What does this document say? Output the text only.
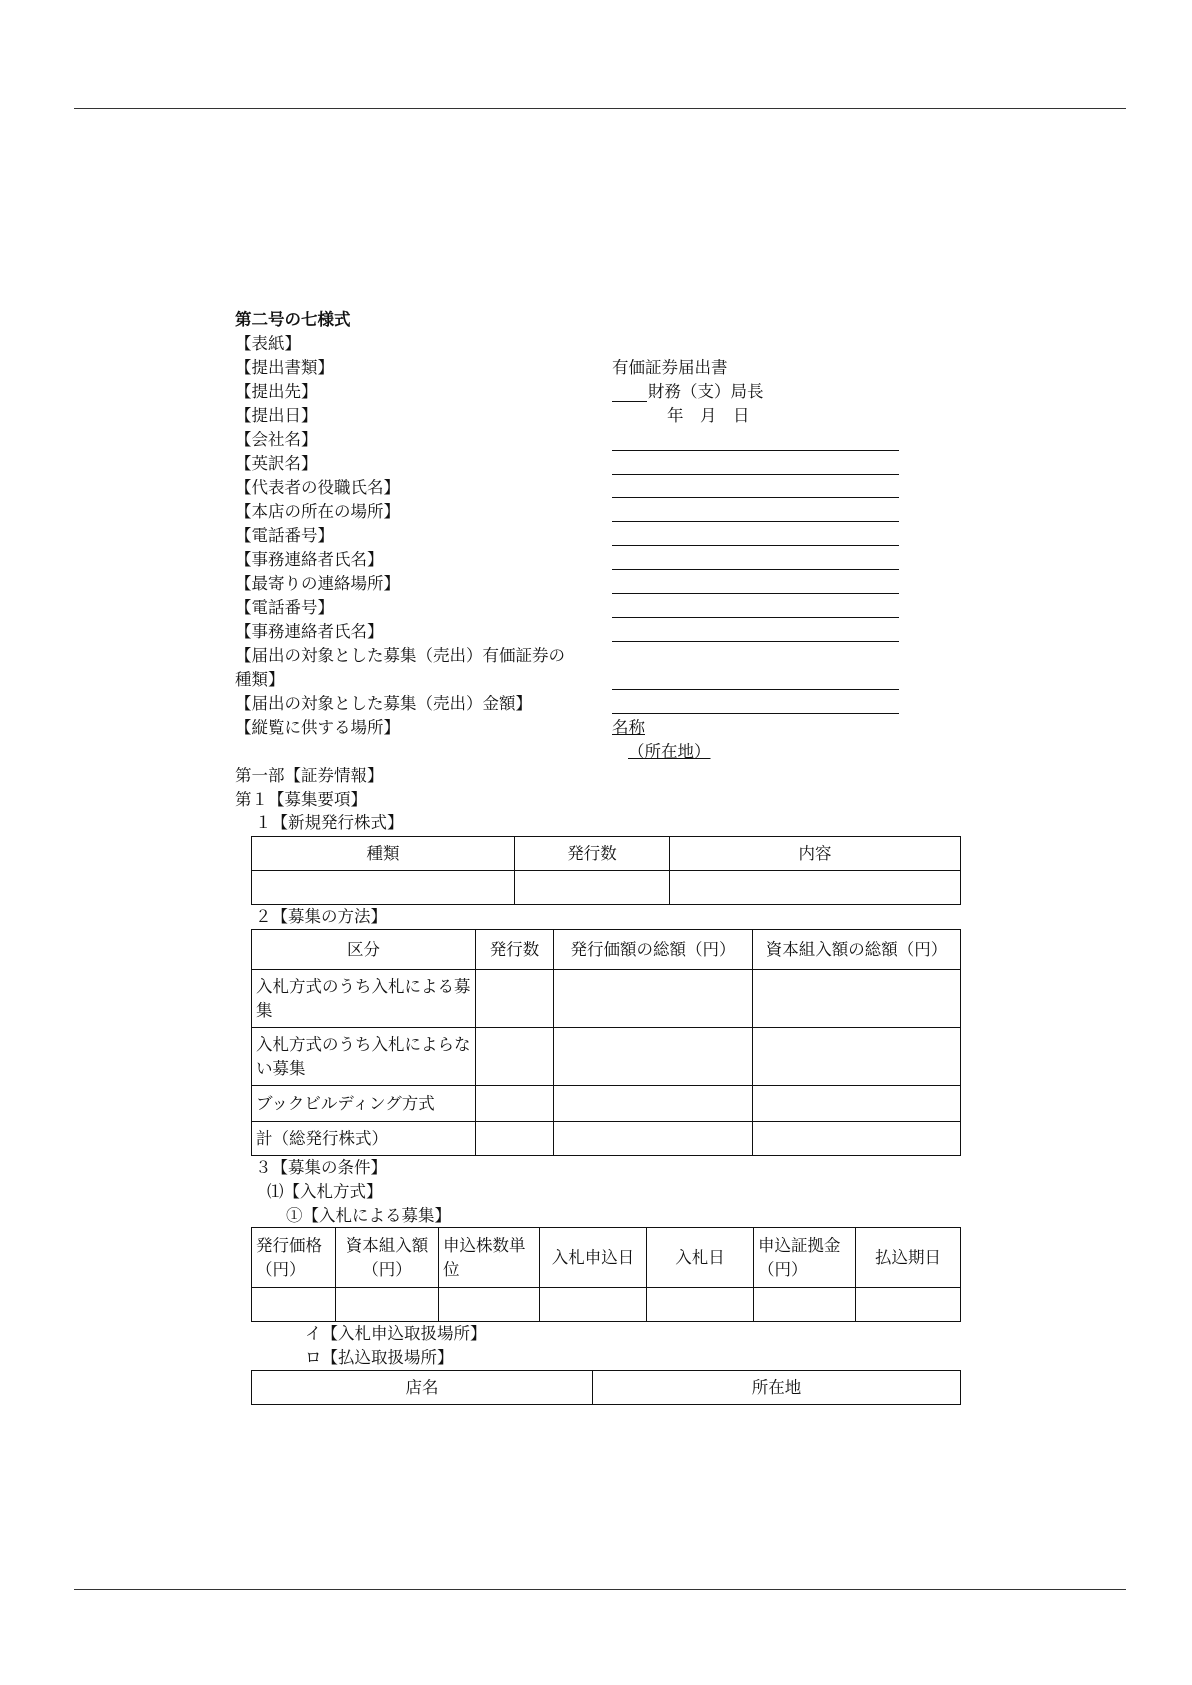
第二号の七様式
【表紙】
【提出書類】	有価証券届出書
【提出先】	財務（支）局長
【提出日】	年　月　日
【会社名】
【英訳名】
【代表者の役職氏名】
【本店の所在の場所】
【電話番号】
【事務連絡者氏名】
【最寄りの連絡場所】
【電話番号】
【事務連絡者氏名】
【届出の対象とした募集（売出）有価証券の
種類】
【届出の対象とした募集（売出）金額】
【縦覧に供する場所】	名称
（所在地）
第一部【証券情報】
第１【募集要項】
１【新規発行株式】
種類	発行数	内容

２【募集の方法】
区分	発行数	発行価額の総額（円）	資本組入額の総額（円）
入札方式のうち入札による募集			
入札方式のうち入札によらない募集			
ブックビルディング方式			
計（総発行株式）			
３【募集の条件】
⑴【入札方式】
①【入札による募集】
発行価格（円）	資本組入額（円）	申込株数単位	入札申込日	入札日	申込証拠金（円）	払込期日

イ【入札申込取扱場所】
ロ【払込取扱場所】
店名	所在地
